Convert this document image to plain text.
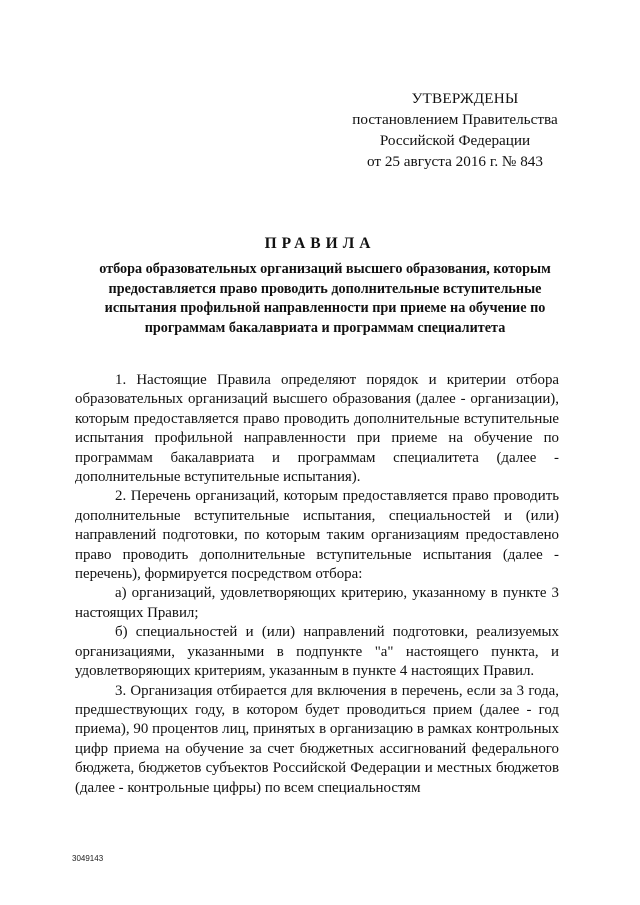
УТВЕРЖДЕНЫ
постановлением Правительства
Российской Федерации
от 25 августа 2016 г. № 843
ПРАВИЛА
отбора образовательных организаций высшего образования, которым
предоставляется право проводить дополнительные вступительные
испытания профильной направленности при приеме на обучение по
программам бакалавриата и программам специалитета

1. Настоящие Правила определяют порядок и критерии отбора образовательных организаций высшего образования (далее - организации), которым предоставляется право проводить дополнительные вступительные испытания профильной направленности при приеме на обучение по программам бакалавриата и программам специалитета (далее - дополнительные вступительные испытания).

2. Перечень организаций, которым предоставляется право проводить дополнительные вступительные испытания, специальностей и (или) направлений подготовки, по которым таким организациям предоставлено право проводить дополнительные вступительные испытания (далее - перечень), формируется посредством отбора:

а) организаций, удовлетворяющих критерию, указанному в пункте 3 настоящих Правил;

б) специальностей и (или) направлений подготовки, реализуемых организациями, указанными в подпункте "а" настоящего пункта, и удовлетворяющих критериям, указанным в пункте 4 настоящих Правил.

3. Организация отбирается для включения в перечень, если за 3 года, предшествующих году, в котором будет проводиться прием (далее - год приема), 90 процентов лиц, принятых в организацию в рамках контрольных цифр приема на обучение за счет бюджетных ассигнований федерального бюджета, бюджетов субъектов Российской Федерации и местных бюджетов (далее - контрольные цифры) по всем специальностям

3049143
